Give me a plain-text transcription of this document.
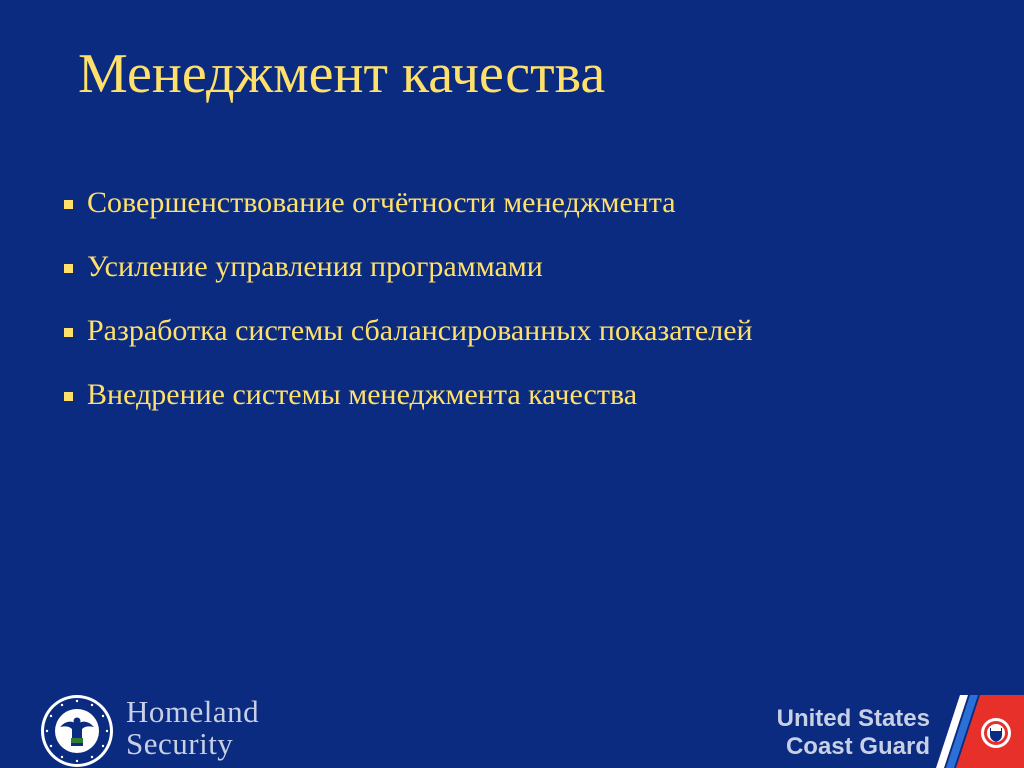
Менеджмент качества
Совершенствование отчётности менеджмента
Усиление управления программами
Разработка системы сбалансированных показателей
Внедрение системы менеджмента качества
Homeland
Security
United States
Coast Guard
